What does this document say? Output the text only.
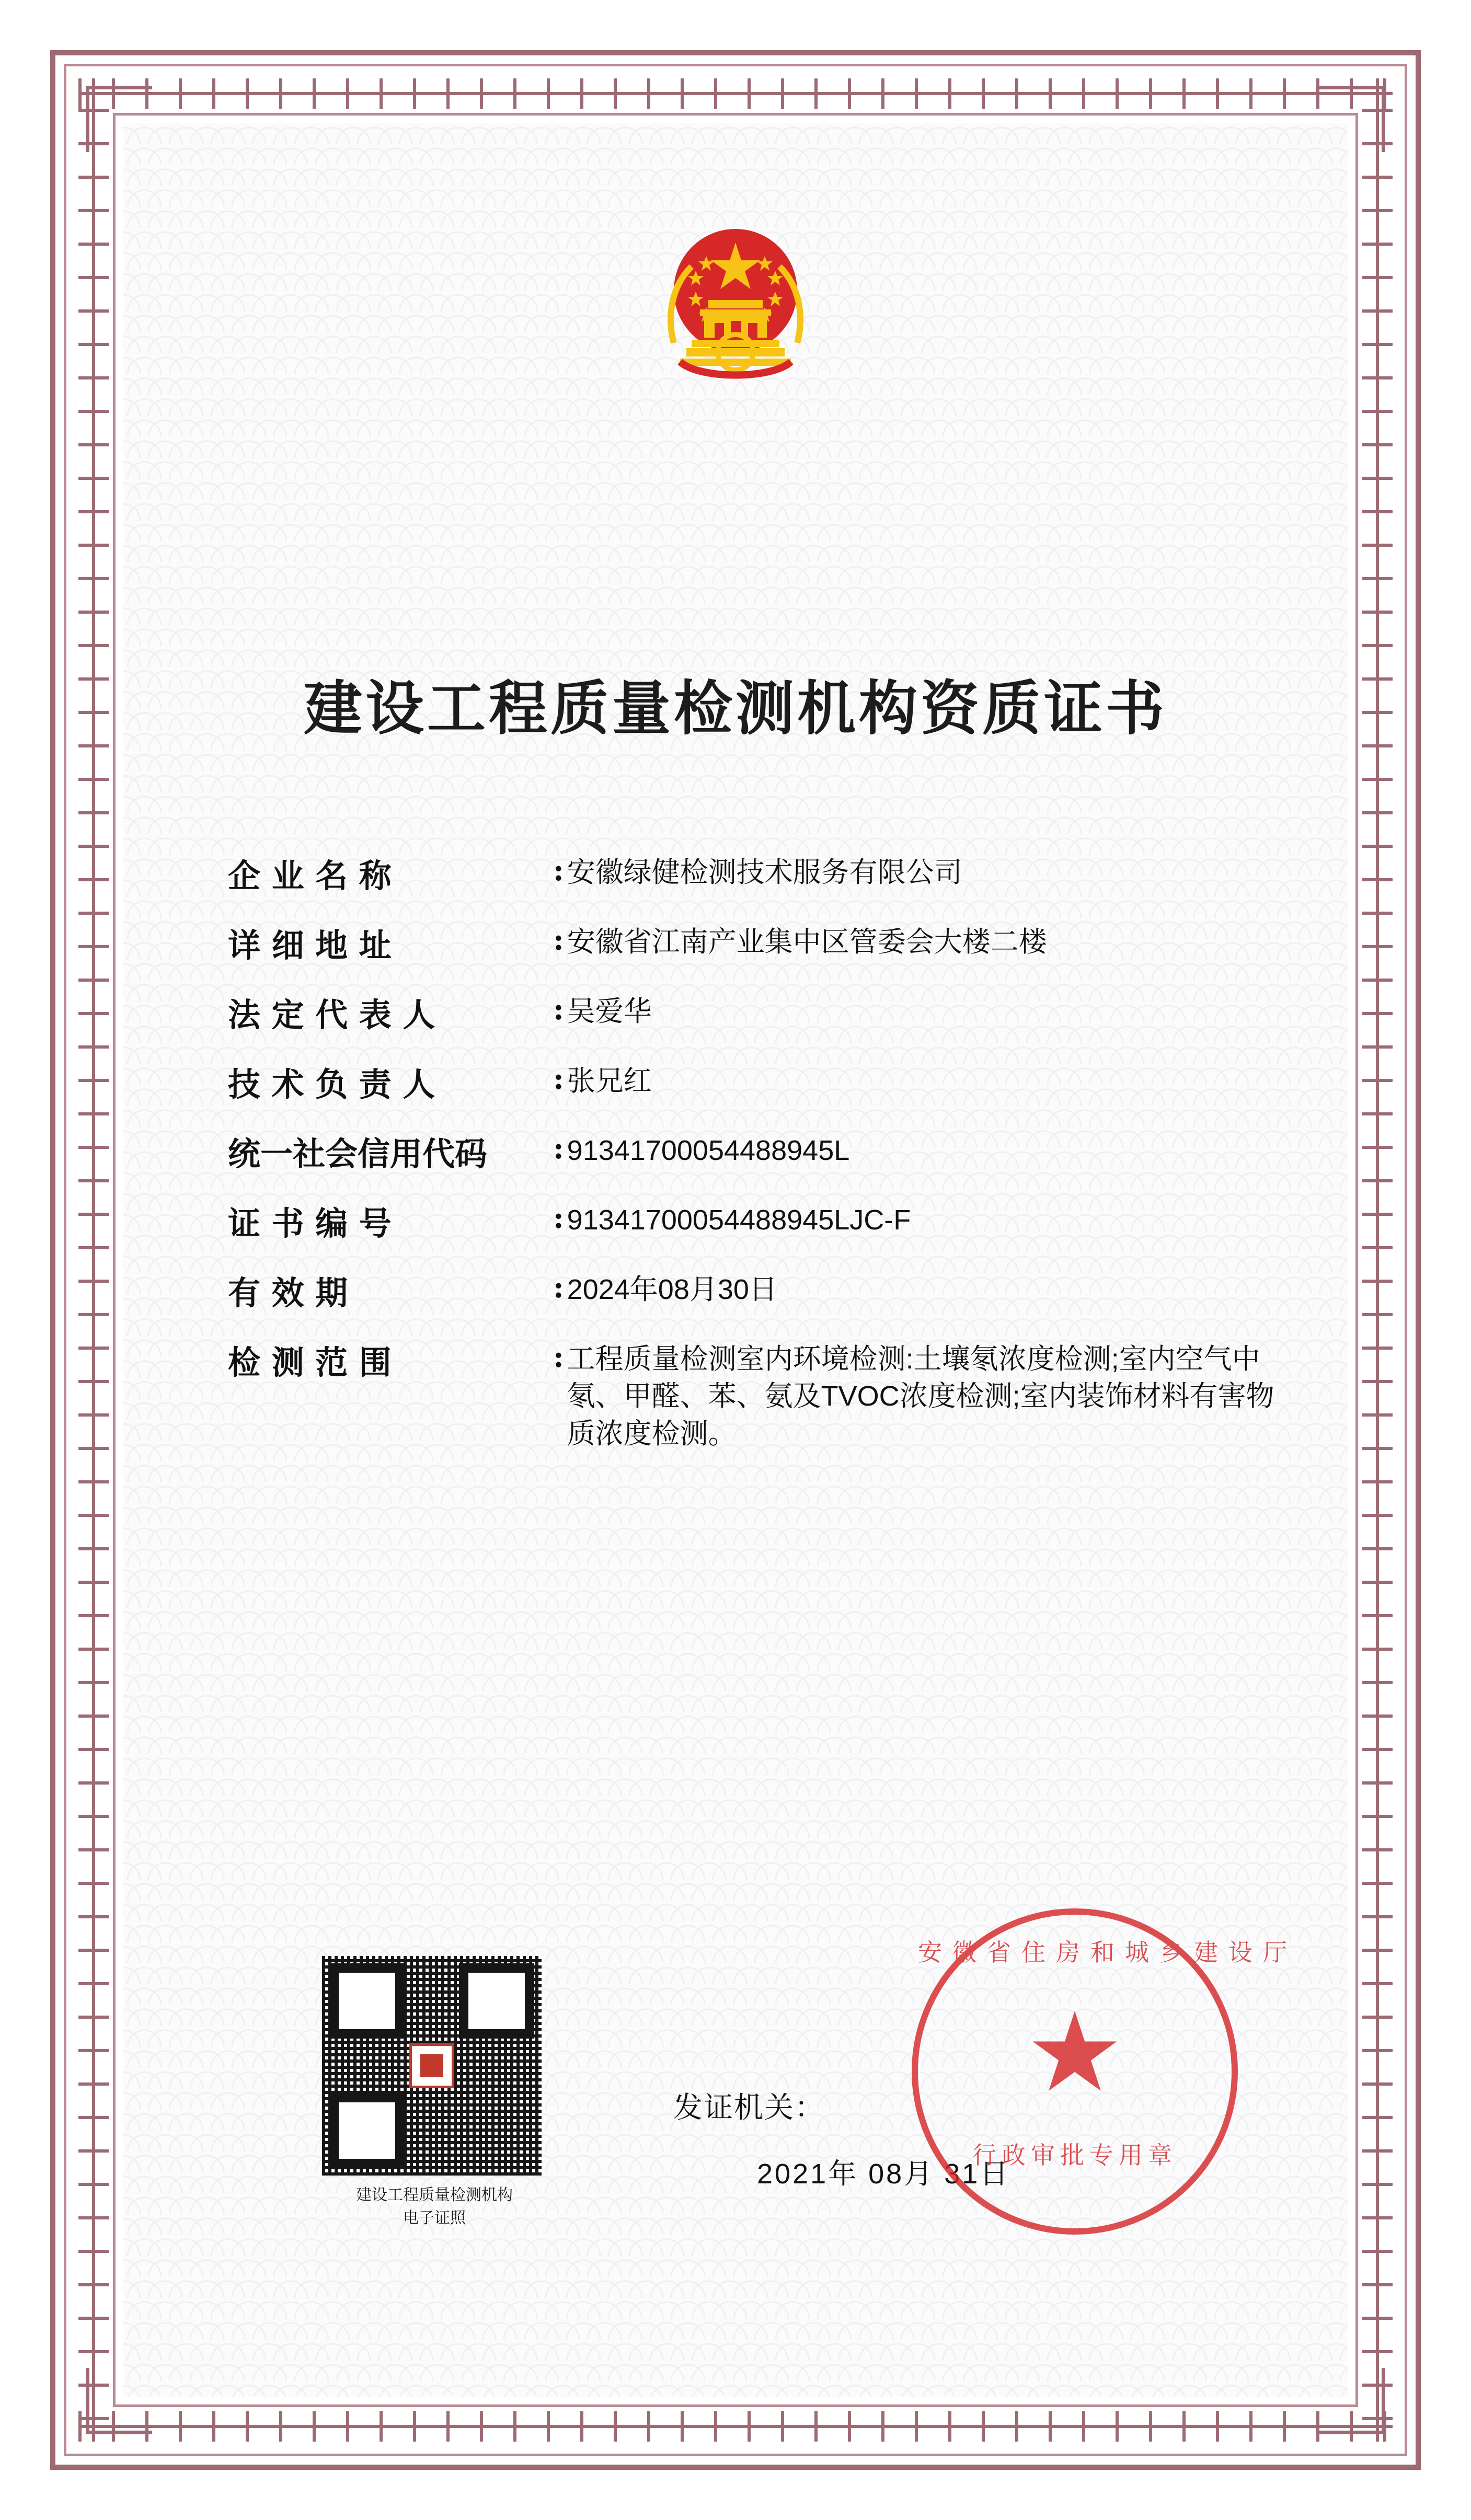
建设工程质量检测机构资质证书
企 业 名 称	: 安徽绿健检测技术服务有限公司
详 细 地 址	: 安徽省江南产业集中区管委会大楼二楼
法 定 代 表 人	: 吴爱华
技 术 负 责 人	: 张兄红
统一社会信用代码	: 91341700054488945L
证 书 编 号	: 91341700054488945LJC-F
有 效 期	: 2024年08月30日
检 测 范 围	: 工程质量检测室内环境检测:土壤氡浓度检测;室内空气中氡、甲醛、苯、氨及TVOC浓度检测;室内装饰材料有害物质浓度检测。
建设工程质量检测机构
电子证照
发证机关：
2021年 08月 31日
安徽省住房和城乡建设厅
★
行政审批专用章
